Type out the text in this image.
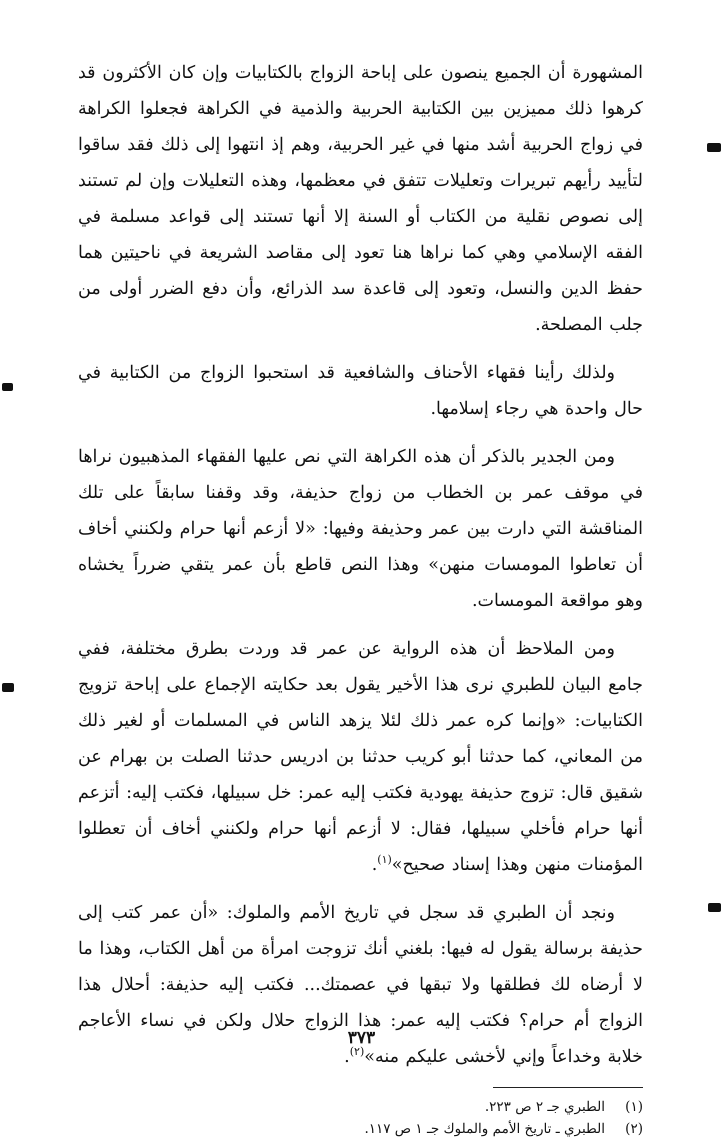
المشهورة أن الجميع ينصون على إباحة الزواج بالكتابيات وإن كان الأكثرون قد كرهوا ذلك مميزين بين الكتابية الحربية والذمية في الكراهة فجعلوا الكراهة في زواج الحربية أشد منها في غير الحربية، وهم إذ انتهوا إلى ذلك فقد ساقوا لتأييد رأيهم تبريرات وتعليلات تتفق في معظمها، وهذه التعليلات وإن لم تستند إلى نصوص نقلية من الكتاب أو السنة إلا أنها تستند إلى قواعد مسلمة في الفقه الإسلامي وهي كما نراها هنا تعود إلى مقاصد الشريعة في ناحيتين هما حفظ الدين والنسل، وتعود إلى قاعدة سد الذرائع، وأن دفع الضرر أولى من جلب المصلحة.

ولذلك رأينا فقهاء الأحناف والشافعية قد استحبوا الزواج من الكتابية في حال واحدة هي رجاء إسلامها.

ومن الجدير بالذكر أن هذه الكراهة التي نص عليها الفقهاء المذهبيون نراها في موقف عمر بن الخطاب من زواج حذيفة، وقد وقفنا سابقاً على تلك المناقشة التي دارت بين عمر وحذيفة وفيها: «لا أزعم أنها حرام ولكنني أخاف أن تعاطوا المومسات منهن» وهذا النص قاطع بأن عمر يتقي ضرراً يخشاه وهو مواقعة المومسات.

ومن الملاحظ أن هذه الرواية عن عمر قد وردت بطرق مختلفة، ففي جامع البيان للطبري نرى هذا الأخير يقول بعد حكايته الإجماع على إباحة تزويج الكتابيات: «وإنما كره عمر ذلك لئلا يزهد الناس في المسلمات أو لغير ذلك من المعاني، كما حدثنا أبو كريب حدثنا بن ادريس حدثنا الصلت بن بهرام عن شقيق قال: تزوج حذيفة يهودية فكتب إليه عمر: خل سبيلها، فكتب إليه: أتزعم أنها حرام فأخلي سبيلها، فقال: لا أزعم أنها حرام ولكنني أخاف أن تعطلوا المؤمنات منهن وهذا إسناد صحيح»$^{(١)}$.

ونجد أن الطبري قد سجل في تاريخ الأمم والملوك: «أن عمر كتب إلى حذيفة برسالة يقول له فيها: بلغني أنك تزوجت امرأة من أهل الكتاب، وهذا ما لا أرضاه لك فطلقها ولا تبقها في عصمتك... فكتب إليه حذيفة: أحلال هذا الزواج أم حرام؟ فكتب إليه عمر: هذا الزواج حلال ولكن في نساء الأعاجم خلابة وخداعاً وإني لأخشى عليكم منه»$^{(٢)}$.

(١)الطبري جـ ٢ ص ٢٢٣.
(٢)الطبري ـ تاريخ الأمم والملوك جـ ١ ص ١١٧.
٣٧٣
